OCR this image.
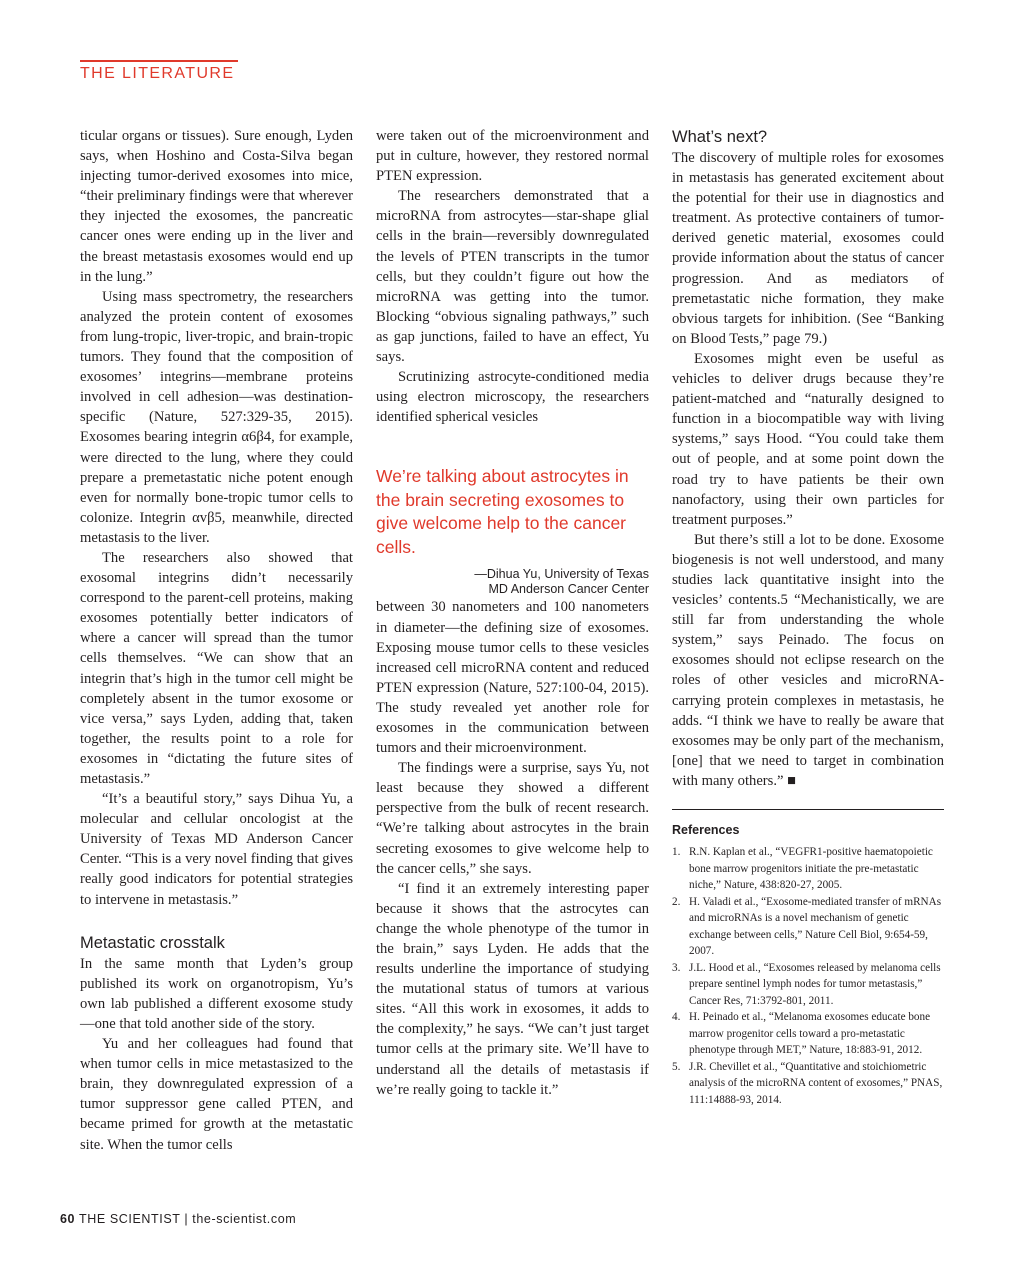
THE LITERATURE

ticular organs or tissues). Sure enough, Lyden says, when Hoshino and Costa-Silva began injecting tumor-derived exosomes into mice, “their preliminary findings were that wherever they injected the exosomes, the pancreatic cancer ones were ending up in the liver and the breast metastasis exosomes would end up in the lung.”

Using mass spectrometry, the researchers analyzed the protein content of exosomes from lung-tropic, liver-tropic, and brain-tropic tumors. They found that the composition of exosomes’ integrins—membrane proteins involved in cell adhesion—was destination-specific (Nature, 527:329-35, 2015). Exosomes bearing integrin α6β4, for example, were directed to the lung, where they could prepare a premetastatic niche potent enough even for normally bone-tropic tumor cells to colonize. Integrin αvβ5, meanwhile, directed metastasis to the liver.

The researchers also showed that exosomal integrins didn’t necessarily correspond to the parent-cell proteins, making exosomes potentially better indicators of where a cancer will spread than the tumor cells themselves. “We can show that an integrin that’s high in the tumor cell might be completely absent in the tumor exosome or vice versa,” says Lyden, adding that, taken together, the results point to a role for exosomes in “dictating the future sites of metastasis.”

“It’s a beautiful story,” says Dihua Yu, a molecular and cellular oncologist at the University of Texas MD Anderson Cancer Center. “This is a very novel finding that gives really good indicators for potential strategies to intervene in metastasis.”

Metastatic crosstalk

In the same month that Lyden’s group published its work on organotropism, Yu’s own lab published a different exosome study—one that told another side of the story.

Yu and her colleagues had found that when tumor cells in mice metastasized to the brain, they downregulated expression of a tumor suppressor gene called PTEN, and became primed for growth at the metastatic site. When the tumor cells

were taken out of the microenvironment and put in culture, however, they restored normal PTEN expression.

The researchers demonstrated that a microRNA from astrocytes—star-shape glial cells in the brain—reversibly downregulated the levels of PTEN transcripts in the tumor cells, but they couldn’t figure out how the microRNA was getting into the tumor. Blocking “obvious signaling pathways,” such as gap junctions, failed to have an effect, Yu says.

Scrutinizing astrocyte-conditioned media using electron microscopy, the researchers identified spherical vesicles

We’re talking about astrocytes in the brain secreting exosomes to give welcome help to the cancer cells.
—Dihua Yu, University of Texas
MD Anderson Cancer Center

between 30 nanometers and 100 nanometers in diameter—the defining size of exosomes. Exposing mouse tumor cells to these vesicles increased cell microRNA content and reduced PTEN expression (Nature, 527:100-04, 2015). The study revealed yet another role for exosomes in the communication between tumors and their microenvironment.

The findings were a surprise, says Yu, not least because they showed a different perspective from the bulk of recent research. “We’re talking about astrocytes in the brain secreting exosomes to give welcome help to the cancer cells,” she says.

“I find it an extremely interesting paper because it shows that the astrocytes can change the whole phenotype of the tumor in the brain,” says Lyden. He adds that the results underline the importance of studying the mutational status of tumors at various sites. “All this work in exosomes, it adds to the complexity,” he says. “We can’t just target tumor cells at the primary site. We’ll have to understand all the details of metastasis if we’re really going to tackle it.”

What’s next?

The discovery of multiple roles for exosomes in metastasis has generated excitement about the potential for their use in diagnostics and treatment. As protective containers of tumor-derived genetic material, exosomes could provide information about the status of cancer progression. And as mediators of premetastatic niche formation, they make obvious targets for inhibition. (See “Banking on Blood Tests,” page 79.)

Exosomes might even be useful as vehicles to deliver drugs because they’re patient-matched and “naturally designed to function in a biocompatible way with living systems,” says Hood. “You could take them out of people, and at some point down the road try to have patients be their own nanofactory, using their own particles for treatment purposes.”

But there’s still a lot to be done. Exosome biogenesis is not well understood, and many studies lack quantitative insight into the vesicles’ contents.5 “Mechanistically, we are still far from understanding the whole system,” says Peinado. The focus on exosomes should not eclipse research on the roles of other vesicles and microRNA-carrying protein complexes in metastasis, he adds. “I think we have to really be aware that exosomes may be only part of the mechanism, [one] that we need to target in combination with many others.” ■

References
1. R.N. Kaplan et al., “VEGFR1-positive haematopoietic bone marrow progenitors initiate the pre-metastatic niche,” Nature, 438:820-27, 2005.
2. H. Valadi et al., “Exosome-mediated transfer of mRNAs and microRNAs is a novel mechanism of genetic exchange between cells,” Nature Cell Biol, 9:654-59, 2007.
3. J.L. Hood et al., “Exosomes released by melanoma cells prepare sentinel lymph nodes for tumor metastasis,” Cancer Res, 71:3792-801, 2011.
4. H. Peinado et al., “Melanoma exosomes educate bone marrow progenitor cells toward a pro-metastatic phenotype through MET,” Nature, 18:883-91, 2012.
5. J.R. Chevillet et al., “Quantitative and stoichiometric analysis of the microRNA content of exosomes,” PNAS, 111:14888-93, 2014.
60 THE SCIENTIST | the-scientist.com
